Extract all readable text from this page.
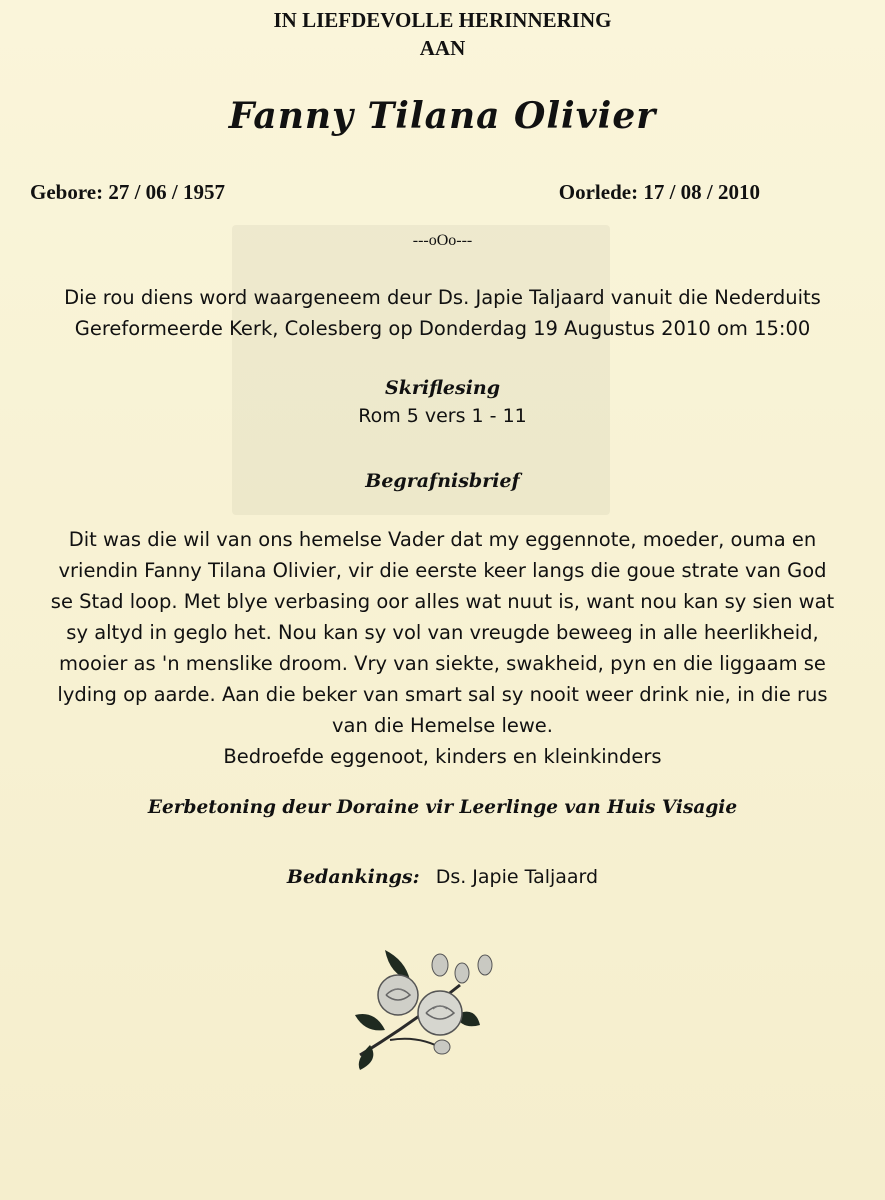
IN LIEFDEVOLLE HERINNERING
AAN
Fanny Tilana Olivier
Gebore: 27 / 06 / 1957	Oorlede: 17 / 08 / 2010
---oOo---
Die rou diens word waargeneem deur Ds. Japie Taljaard vanuit die Nederduits
Gereformeerde Kerk, Colesberg op Donderdag 19 Augustus 2010 om 15:00
Skriflesing
Rom 5 vers 1 - 11
Begrafnisbrief
Dit was die wil van ons hemelse Vader dat my eggennote, moeder, ouma en
vriendin Fanny Tilana Olivier, vir die eerste keer langs die goue strate van God
se Stad loop. Met blye verbasing oor alles wat nuut is, want nou kan sy sien wat
sy altyd in geglo het. Nou kan sy vol van vreugde beweeg in alle heerlikheid,
mooier as 'n menslike droom. Vry van siekte, swakheid, pyn en die liggaam se
lyding op aarde. Aan die beker van smart sal sy nooit weer drink nie, in die rus
van die Hemelse lewe.
Bedroefde eggenoot, kinders en kleinkinders
Eerbetoning deur Doraine vir Leerlinge van Huis Visagie
Bedankings: Ds. Japie Taljaard
